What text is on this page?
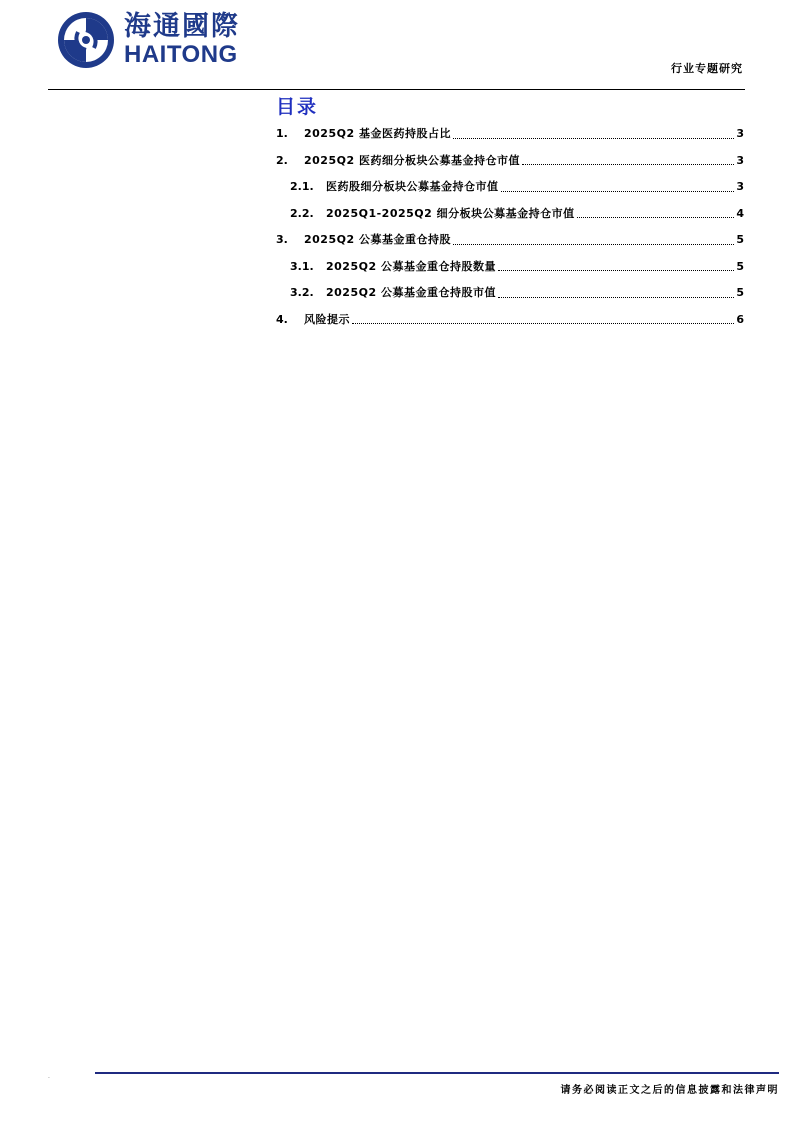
海通國際
HAITONG
行业专题研究
目录
1.	2025Q2 基金医药持股占比	3
2.	2025Q2 医药细分板块公募基金持仓市值	3
2.1.	医药股细分板块公募基金持仓市值	3
2.2.	2025Q1-2025Q2 细分板块公募基金持仓市值	4
3.	2025Q2 公募基金重仓持股	5
3.1.	2025Q2 公募基金重仓持股数量	5
3.2.	2025Q2 公募基金重仓持股市值	5
4.	风险提示	6
·
请务必阅读正文之后的信息披露和法律声明
